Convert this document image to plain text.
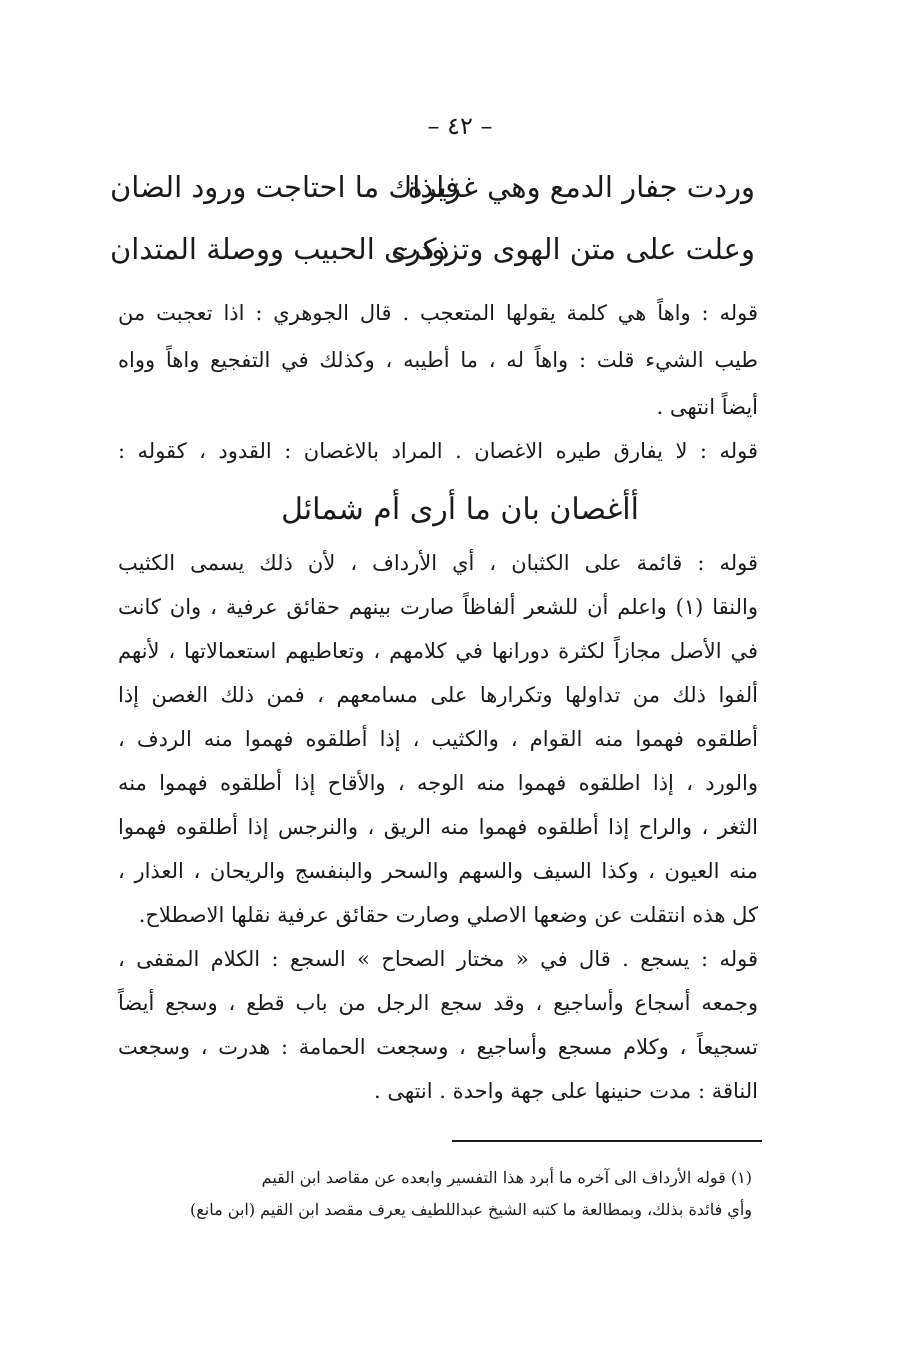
– ٤٢ –
وردت جفار الدمع وهي غزيرة
فلذاك ما احتاجت ورود الضان
وعلت على متن الهوى وتزودت
ذكرى الحبيب ووصلة المتدان
قوله : واهاً هي كلمة يقولها المتعجب . قال الجوهري : اذا تعجبت من
طيب الشيء قلت : واهاً له ، ما أطيبه ، وكذلك في التفجيع واهاً وواه
أيضاً انتهى .
قوله : لا يفارق طيره الاغصان . المراد بالاغصان : القدود ، كقوله :
أأغصان بان ما أرى أم شمائل
قوله : قائمة على الكثبان ، أي الأرداف ، لأن ذلك يسمى الكثيب
والنقا (١) واعلم أن للشعر ألفاظاً صارت بينهم حقائق عرفية ، وان كانت
في الأصل مجازاً لكثرة دورانها في كلامهم ، وتعاطيهم استعمالاتها ، لأنهم
ألفوا ذلك من تداولها وتكرارها على مسامعهم ، فمن ذلك الغصن إذا
أطلقوه فهموا منه القوام ، والكثيب ، إذا أطلقوه فهموا منه الردف ،
والورد ، إذا اطلقوه فهموا منه الوجه ، والأقاح إذا أطلقوه فهموا منه
الثغر ، والراح إذا أطلقوه فهموا منه الريق ، والنرجس إذا أطلقوه فهموا
منه العيون ، وكذا السيف والسهم والسحر والبنفسج والريحان ، العذار ،
كل هذه انتقلت عن وضعها الاصلي وصارت حقائق عرفية نقلها الاصطلاح.
قوله : يسجع . قال في « مختار الصحاح » السجع : الكلام المقفى ،
وجمعه أسجاع وأساجيع ، وقد سجع الرجل من باب قطع ، وسجع أيضاً
تسجيعاً ، وكلام مسجع وأساجيع ، وسجعت الحمامة : هدرت ، وسجعت
الناقة : مدت حنينها على جهة واحدة . انتهى .
(١) قوله الأرداف الى آخره ما أبرد هذا التفسير وابعده عن مقاصد ابن القيم
وأي فائدة بذلك، وبمطالعة ما كتبه الشيخ عبداللطيف يعرف مقصد ابن القيم (ابن مانع)
